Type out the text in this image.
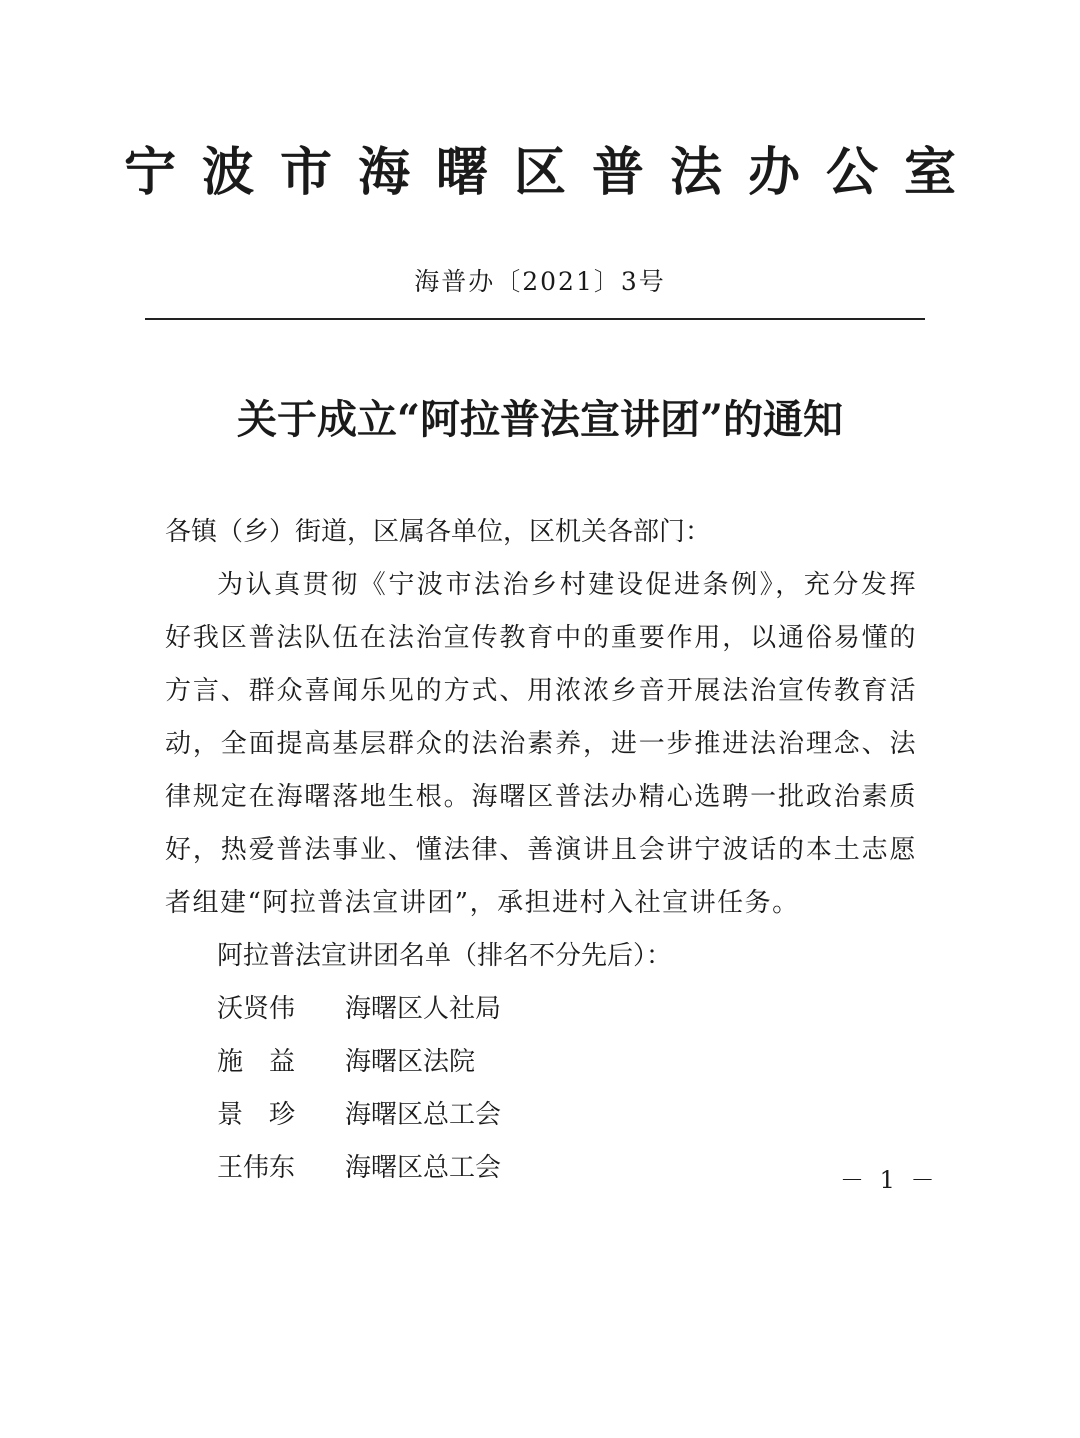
宁波市海曙区普法办公室
海普办〔2021〕3号
关于成立“阿拉普法宣讲团”的通知

各镇（乡）街道，区属各单位，区机关各部门：

为认真贯彻《宁波市法治乡村建设促进条例》，充分发挥好我区普法队伍在法治宣传教育中的重要作用，以通俗易懂的方言、群众喜闻乐见的方式、用浓浓乡音开展法治宣传教育活动，全面提高基层群众的法治素养，进一步推进法治理念、法律规定在海曙落地生根。海曙区普法办精心选聘一批政治素质好，热爱普法事业、懂法律、善演讲且会讲宁波话的本土志愿者组建“阿拉普法宣讲团”，承担进村入社宣讲任务。

阿拉普法宣讲团名单（排名不分先后）：

沃贤伟	海曙区人社局
施　益	海曙区法院
景　珍	海曙区总工会
王伟东	海曙区总工会	－ 1 －
